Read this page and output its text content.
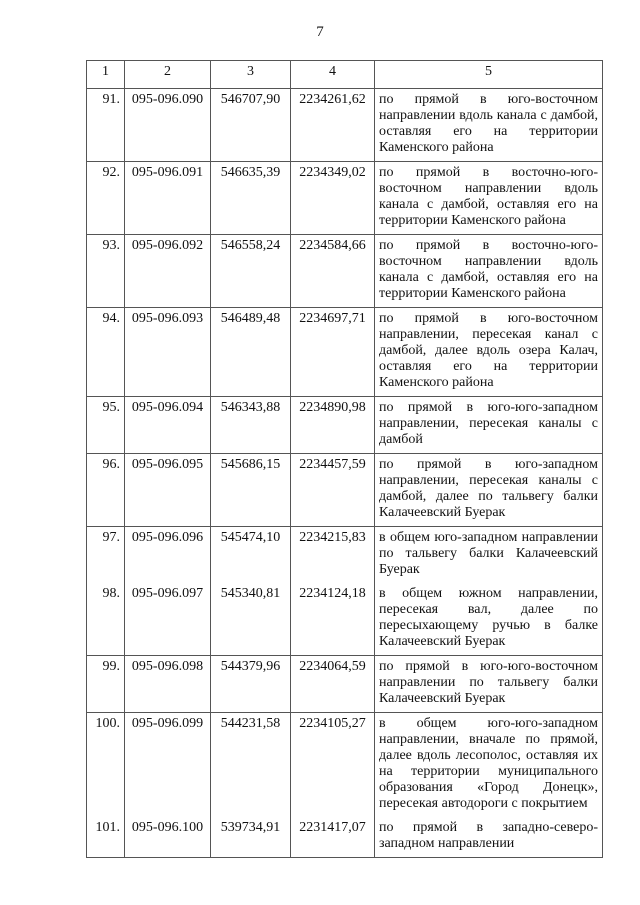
7
1	2	3	4	5
91.	095-096.090	546707,90	2234261,62	по прямой в юго-восточном направлении вдоль канала с дамбой, оставляя его на территории Каменского района
92.	095-096.091	546635,39	2234349,02	по прямой в восточно-юго-восточном направлении вдоль канала с дамбой, оставляя его на территории Каменского района
93.	095-096.092	546558,24	2234584,66	по прямой в восточно-юго-восточном направлении вдоль канала с дамбой, оставляя его на территории Каменского района
94.	095-096.093	546489,48	2234697,71	по прямой в юго-восточном направлении, пересекая канал с дамбой, далее вдоль озера Калач, оставляя его на территории Каменского района
95.	095-096.094	546343,88	2234890,98	по прямой в юго-юго-западном направлении, пересекая каналы с дамбой
96.	095-096.095	545686,15	2234457,59	по прямой в юго-западном направлении, пересекая каналы с дамбой, далее по тальвегу балки Калачеевский Буерак
97.	095-096.096	545474,10	2234215,83	в общем юго-западном направлении по тальвегу балки Калачеевский Буерак
98.	095-096.097	545340,81	2234124,18	в общем южном направлении, пересекая вал, далее по пересыхающему ручью в балке Калачеевский Буерак
99.	095-096.098	544379,96	2234064,59	по прямой в юго-юго-восточном направлении по тальвегу балки Калачеевский Буерак
100.	095-096.099	544231,58	2234105,27	в общем юго-юго-западном направлении, вначале по прямой, далее вдоль лесополос, оставляя их на территории муниципального образования «Город Донецк», пересекая автодороги с покрытием
101.	095-096.100	539734,91	2231417,07	по прямой в западно-северо-западном направлении
